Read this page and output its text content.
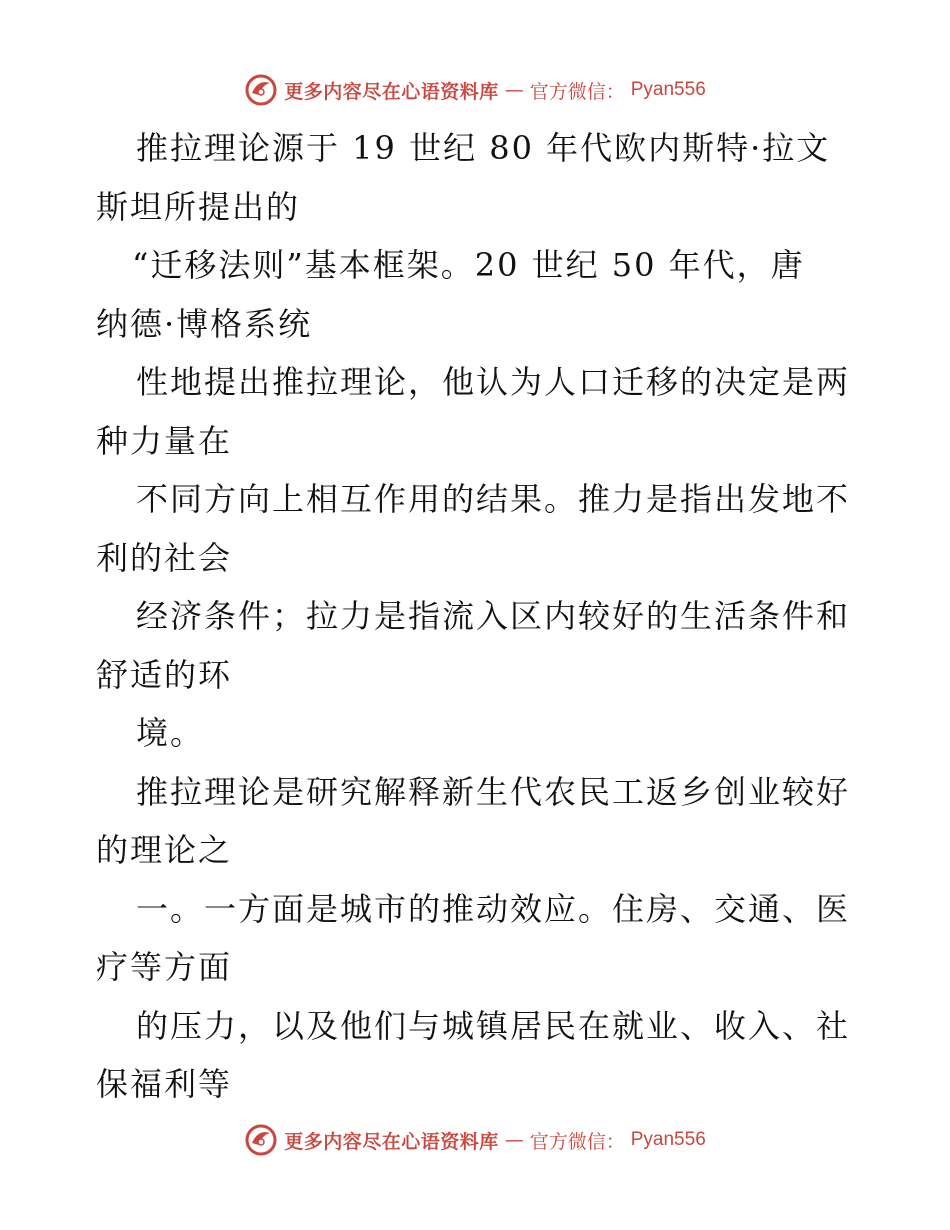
更多内容尽在心语资料库 — 官方微信： Pyan556
推拉理论源于 19 世纪 80 年代欧内斯特·拉文
斯坦所提出的
“迁移法则”基本框架。20 世纪 50 年代，唐
纳德·博格系统
性地提出推拉理论，他认为人口迁移的决定是两
种力量在
不同方向上相互作用的结果。推力是指出发地不
利的社会
经济条件；拉力是指流入区内较好的生活条件和
舒适的环
境。
推拉理论是研究解释新生代农民工返乡创业较好
的理论之
一。一方面是城市的推动效应。住房、交通、医
疗等方面
的压力，以及他们与城镇居民在就业、收入、社
保福利等
更多内容尽在心语资料库 — 官方微信： Pyan556
